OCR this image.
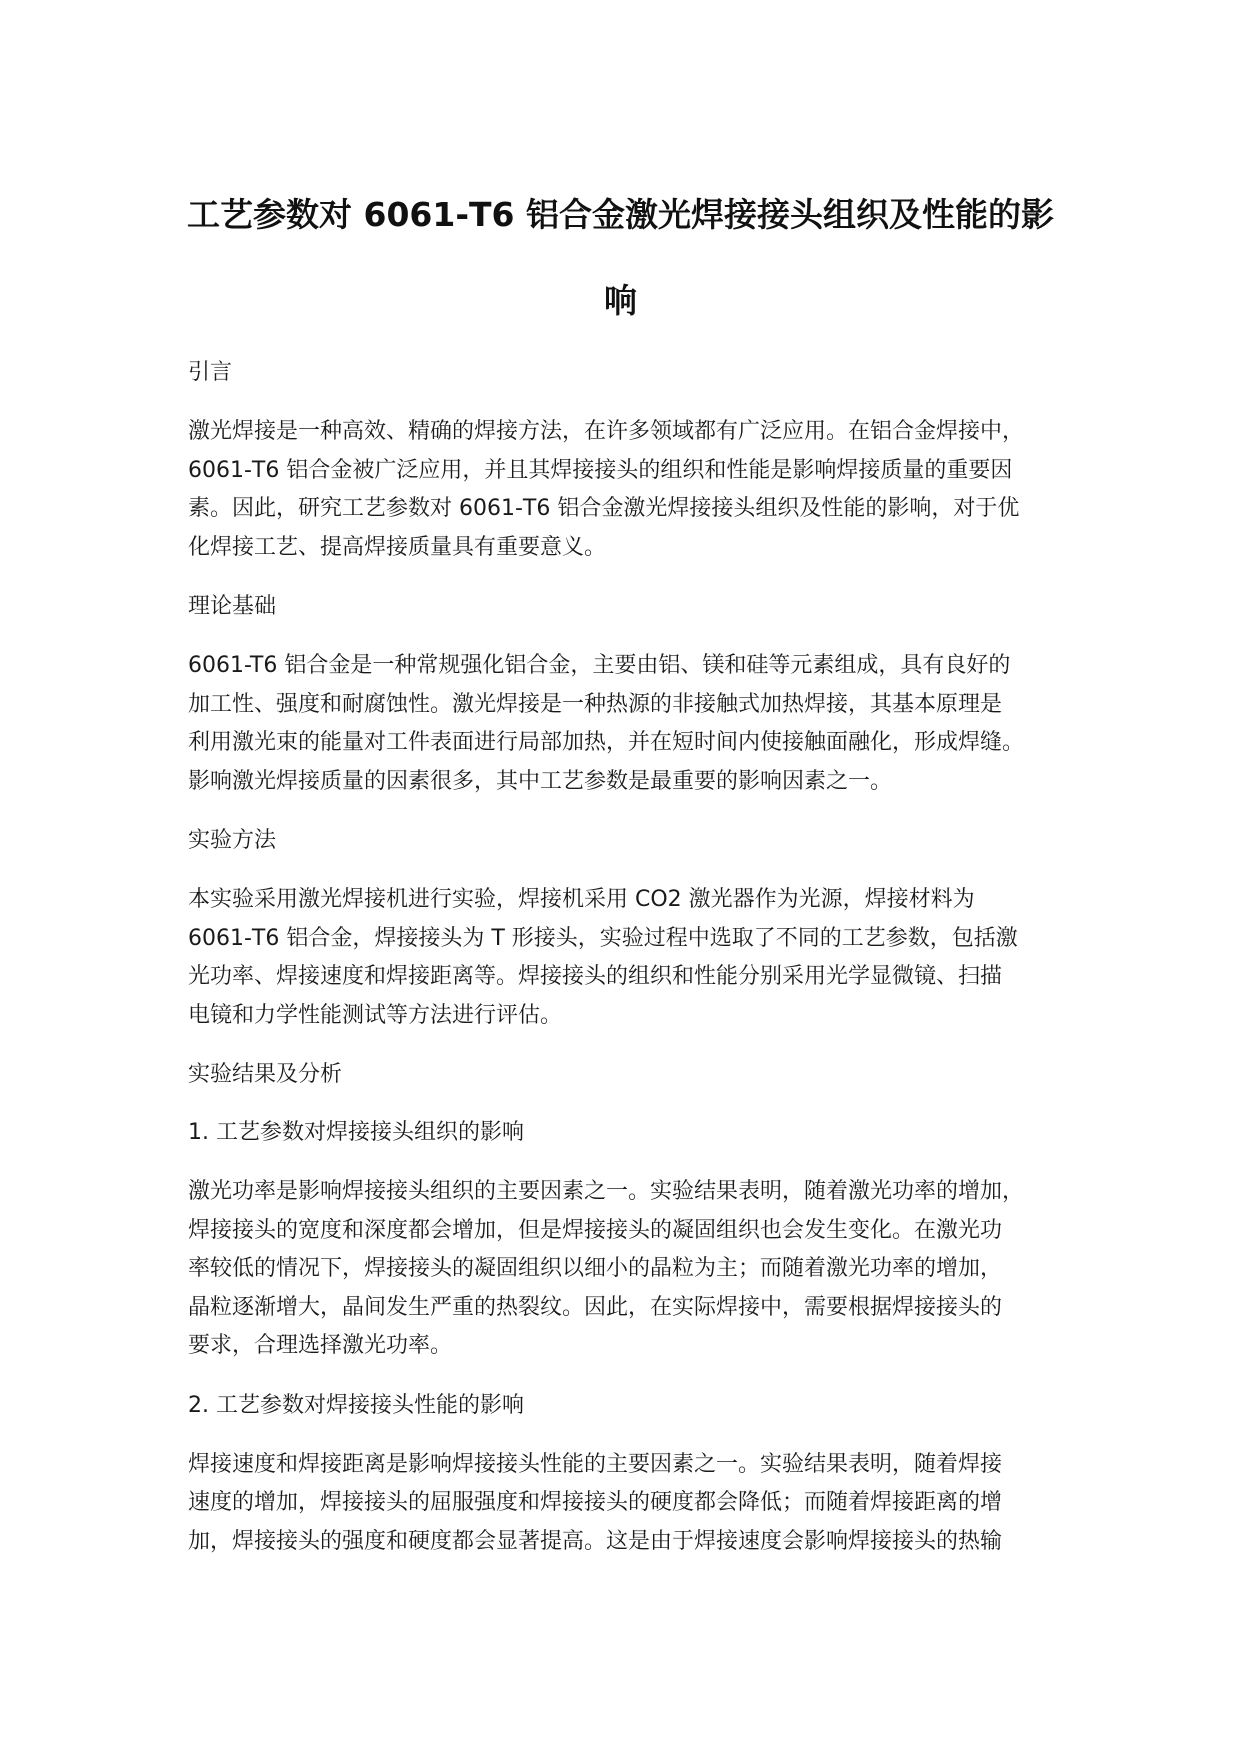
工艺参数对 6061-T6 铝合金激光焊接接头组织及性能的影
响
引言

激光焊接是一种高效、精确的焊接方法，在许多领域都有广泛应用。在铝合金焊接中，
6061-T6 铝合金被广泛应用，并且其焊接接头的组织和性能是影响焊接质量的重要因
素。因此，研究工艺参数对 6061-T6 铝合金激光焊接接头组织及性能的影响，对于优
化焊接工艺、提高焊接质量具有重要意义。

理论基础

6061-T6 铝合金是一种常规强化铝合金，主要由铝、镁和硅等元素组成，具有良好的
加工性、强度和耐腐蚀性。激光焊接是一种热源的非接触式加热焊接，其基本原理是
利用激光束的能量对工件表面进行局部加热，并在短时间内使接触面融化，形成焊缝。
影响激光焊接质量的因素很多，其中工艺参数是最重要的影响因素之一。

实验方法

本实验采用激光焊接机进行实验，焊接机采用 CO2 激光器作为光源，焊接材料为
6061-T6 铝合金，焊接接头为 T 形接头，实验过程中选取了不同的工艺参数，包括激
光功率、焊接速度和焊接距离等。焊接接头的组织和性能分别采用光学显微镜、扫描
电镜和力学性能测试等方法进行评估。

实验结果及分析
1. 工艺参数对焊接接头组织的影响

激光功率是影响焊接接头组织的主要因素之一。实验结果表明，随着激光功率的增加，
焊接接头的宽度和深度都会增加，但是焊接接头的凝固组织也会发生变化。在激光功
率较低的情况下，焊接接头的凝固组织以细小的晶粒为主；而随着激光功率的增加，
晶粒逐渐增大，晶间发生严重的热裂纹。因此，在实际焊接中，需要根据焊接接头的
要求，合理选择激光功率。

2. 工艺参数对焊接接头性能的影响

焊接速度和焊接距离是影响焊接接头性能的主要因素之一。实验结果表明，随着焊接
速度的增加，焊接接头的屈服强度和焊接接头的硬度都会降低；而随着焊接距离的增
加，焊接接头的强度和硬度都会显著提高。这是由于焊接速度会影响焊接接头的热输
